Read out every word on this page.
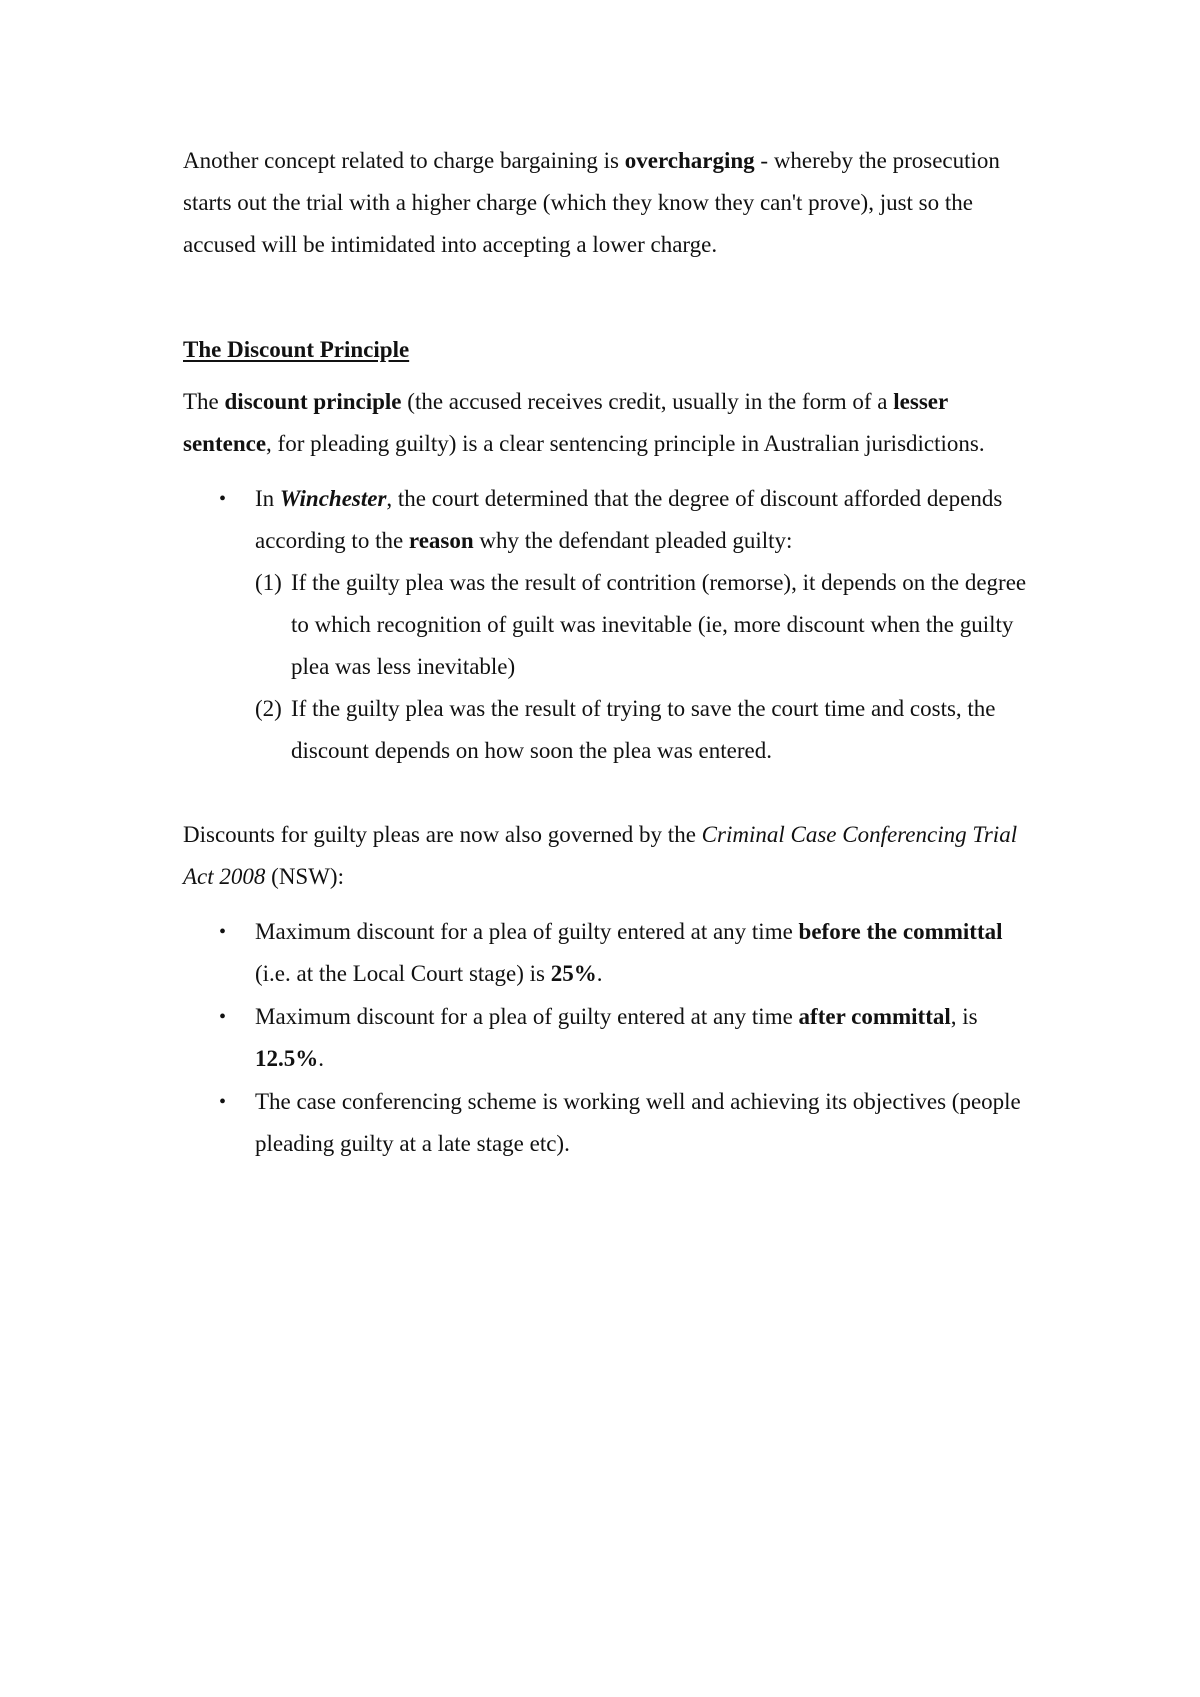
Another concept related to charge bargaining is overcharging - whereby the prosecution starts out the trial with a higher charge (which they know they can't prove), just so the accused will be intimidated into accepting a lower charge.

The Discount Principle

The discount principle (the accused receives credit, usually in the form of a lesser sentence, for pleading guilty) is a clear sentencing principle in Australian jurisdictions.

• In Winchester, the court determined that the degree of discount afforded depends according to the reason why the defendant pleaded guilty:
(1) If the guilty plea was the result of contrition (remorse), it depends on the degree to which recognition of guilt was inevitable (ie, more discount when the guilty plea was less inevitable)
(2) If the guilty plea was the result of trying to save the court time and costs, the discount depends on how soon the plea was entered.

Discounts for guilty pleas are now also governed by the Criminal Case Conferencing Trial Act 2008 (NSW):

• Maximum discount for a plea of guilty entered at any time before the committal (i.e. at the Local Court stage) is 25%.
• Maximum discount for a plea of guilty entered at any time after committal, is 12.5%.
• The case conferencing scheme is working well and achieving its objectives (people pleading guilty at a late stage etc).
